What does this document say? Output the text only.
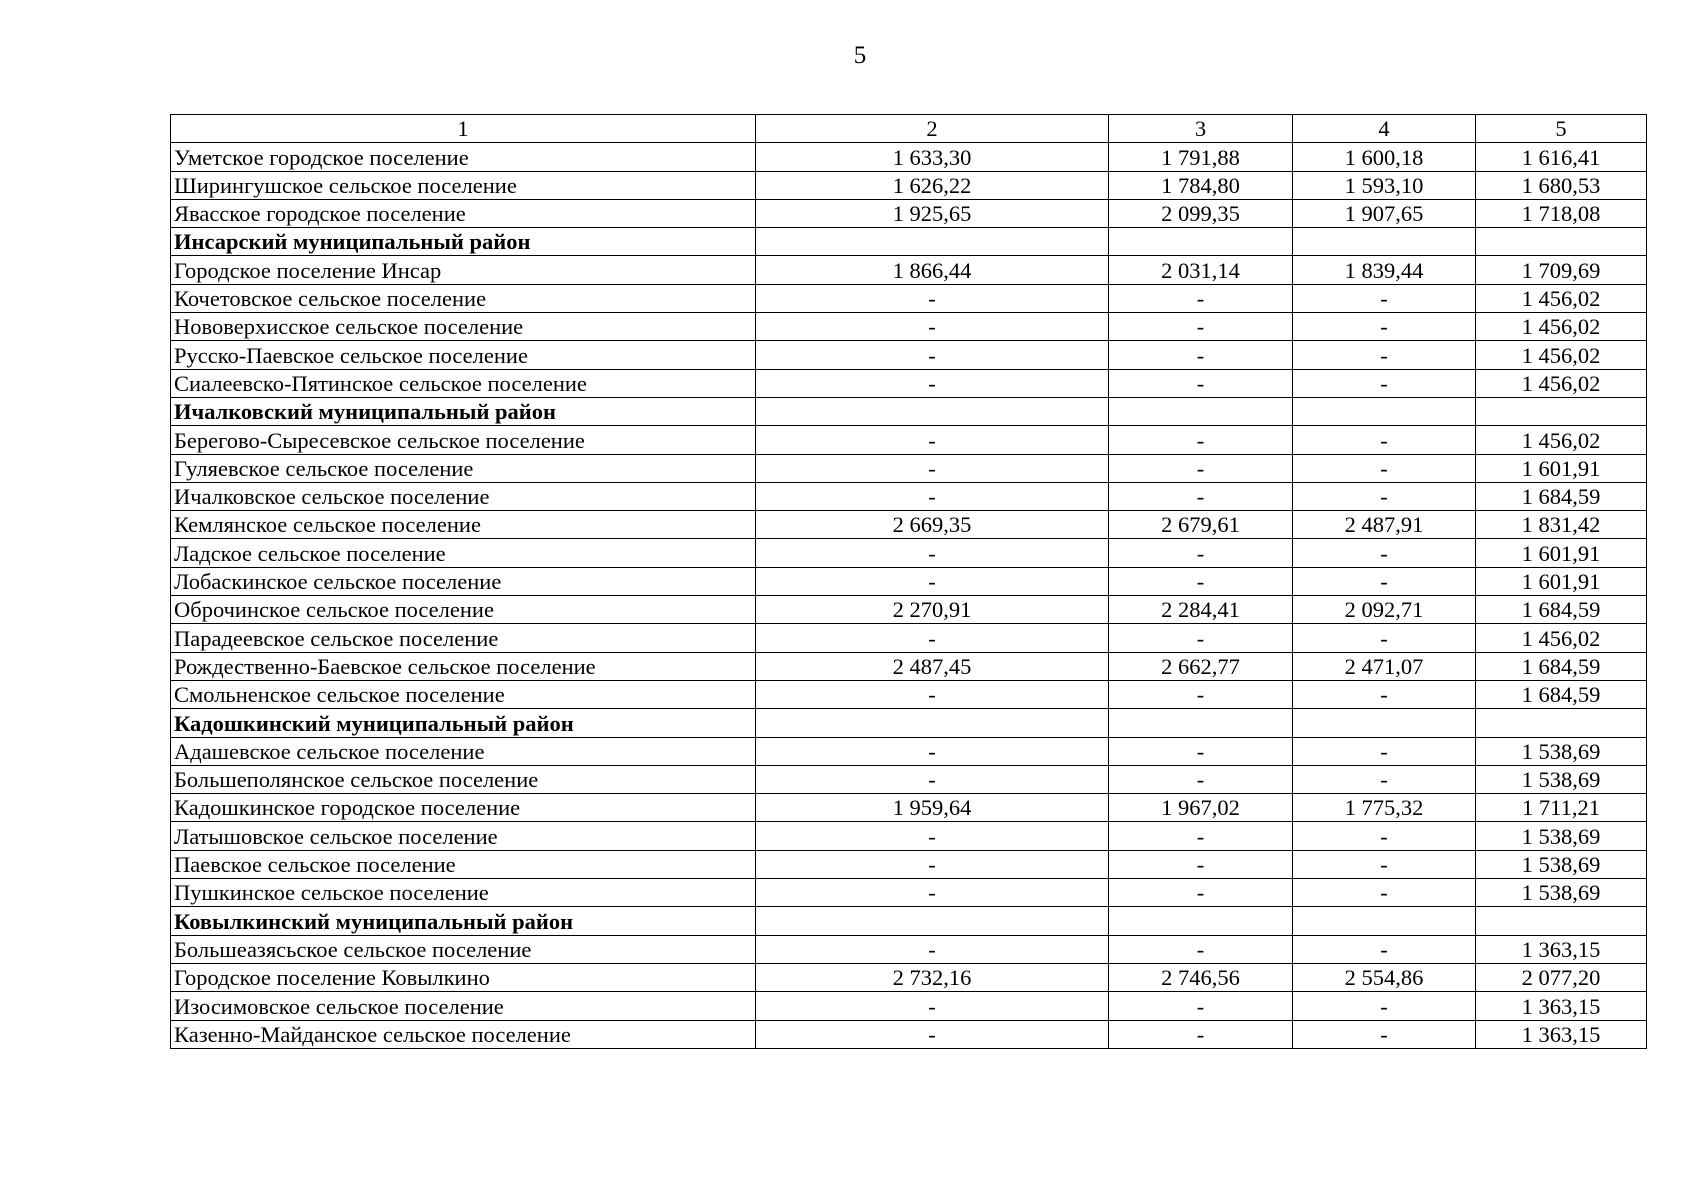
5
1	2	3	4	5
Уметское городское поселение	1 633,30	1 791,88	1 600,18	1 616,41
Ширингушское сельское поселение	1 626,22	1 784,80	1 593,10	1 680,53
Явасское городское поселение	1 925,65	2 099,35	1 907,65	1 718,08
Инсарский муниципальный район				
Городское поселение Инсар	1 866,44	2 031,14	1 839,44	1 709,69
Кочетовское сельское поселение	-	-	-	1 456,02
Нововерхисское сельское поселение	-	-	-	1 456,02
Русско-Паевское сельское поселение	-	-	-	1 456,02
Сиалеевско-Пятинское сельское поселение	-	-	-	1 456,02
Ичалковский муниципальный район				
Берегово-Сыресевское сельское поселение	-	-	-	1 456,02
Гуляевское сельское поселение	-	-	-	1 601,91
Ичалковское сельское поселение	-	-	-	1 684,59
Кемлянское сельское поселение	2 669,35	2 679,61	2 487,91	1 831,42
Ладское сельское поселение	-	-	-	1 601,91
Лобаскинское сельское поселение	-	-	-	1 601,91
Оброчинское сельское поселение	2 270,91	2 284,41	2 092,71	1 684,59
Парадеевское сельское поселение	-	-	-	1 456,02
Рождественно-Баевское сельское поселение	2 487,45	2 662,77	2 471,07	1 684,59
Смольненское сельское поселение	-	-	-	1 684,59
Кадошкинский муниципальный район				
Адашевское сельское поселение	-	-	-	1 538,69
Большеполянское сельское поселение	-	-	-	1 538,69
Кадошкинское городское поселение	1 959,64	1 967,02	1 775,32	1 711,21
Латышовское сельское поселение	-	-	-	1 538,69
Паевское сельское поселение	-	-	-	1 538,69
Пушкинское сельское поселение	-	-	-	1 538,69
Ковылкинский муниципальный район				
Большеазясьское сельское поселение	-	-	-	1 363,15
Городское поселение Ковылкино	2 732,16	2 746,56	2 554,86	2 077,20
Изосимовское сельское поселение	-	-	-	1 363,15
Казенно-Майданское сельское поселение	-	-	-	1 363,15
